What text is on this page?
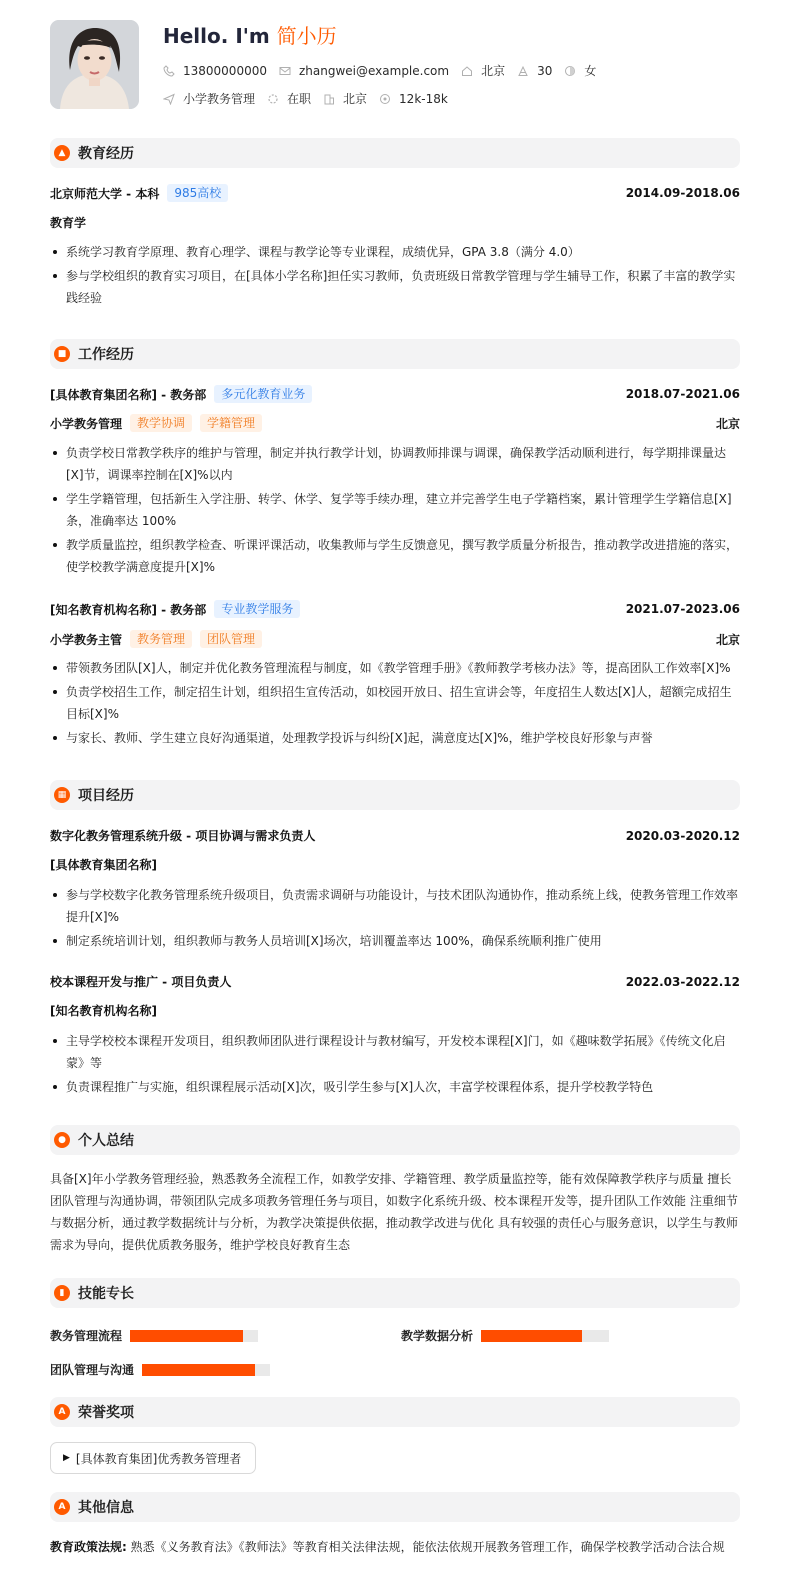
Hello. I'm 简小历
13800000000	zhangwei@example.com	北京	30	女
小学教务管理	在职	北京	12k-18k
▲ 教育经历
北京师范大学 - 本科	985高校	2014.09-2018.06
教育学
系统学习教育学原理、教育心理学、课程与教学论等专业课程，成绩优异，GPA 3.8（满分 4.0）
参与学校组织的教育实习项目，在[具体小学名称]担任实习教师，负责班级日常教学管理与学生辅导工作，积累了丰富的教学实践经验
■ 工作经历
[具体教育集团名称] - 教务部	多元化教育业务	2018.07-2021.06
小学教务管理	教学协调	学籍管理	北京
负责学校日常教学秩序的维护与管理，制定并执行教学计划，协调教师排课与调课，确保教学活动顺利进行，每学期排课量达[X]节，调课率控制在[X]%以内
学生学籍管理，包括新生入学注册、转学、休学、复学等手续办理，建立并完善学生电子学籍档案，累计管理学生学籍信息[X]条，准确率达 100%
教学质量监控，组织教学检查、听课评课活动，收集教师与学生反馈意见，撰写教学质量分析报告，推动教学改进措施的落实，使学校教学满意度提升[X]%
[知名教育机构名称] - 教务部	专业教学服务	2021.07-2023.06
小学教务主管	教务管理	团队管理	北京
带领教务团队[X]人，制定并优化教务管理流程与制度，如《教学管理手册》《教师教学考核办法》等，提高团队工作效率[X]%
负责学校招生工作，制定招生计划，组织招生宣传活动，如校园开放日、招生宣讲会等，年度招生人数达[X]人，超额完成招生目标[X]%
与家长、教师、学生建立良好沟通渠道，处理教学投诉与纠纷[X]起，满意度达[X]%，维护学校良好形象与声誉
▦ 项目经历
数字化教务管理系统升级 - 项目协调与需求负责人	2020.03-2020.12
[具体教育集团名称]
参与学校数字化教务管理系统升级项目，负责需求调研与功能设计，与技术团队沟通协作，推动系统上线，使教务管理工作效率提升[X]%
制定系统培训计划，组织教师与教务人员培训[X]场次，培训覆盖率达 100%，确保系统顺利推广使用
校本课程开发与推广 - 项目负责人	2022.03-2022.12
[知名教育机构名称]
主导学校校本课程开发项目，组织教师团队进行课程设计与教材编写，开发校本课程[X]门，如《趣味数学拓展》《传统文化启蒙》等
负责课程推广与实施，组织课程展示活动[X]次，吸引学生参与[X]人次，丰富学校课程体系，提升学校教学特色
● 个人总结
具备[X]年小学教务管理经验，熟悉教务全流程工作，如教学安排、学籍管理、教学质量监控等，能有效保障教学秩序与质量 擅长团队管理与沟通协调，带领团队完成多项教务管理任务与项目，如数字化系统升级、校本课程开发等，提升团队工作效能 注重细节与数据分析，通过教学数据统计与分析，为教学决策提供依据，推动教学改进与优化 具有较强的责任心与服务意识，以学生与教师需求为导向，提供优质教务服务，维护学校良好教育生态
▮ 技能专长
教务管理流程	教学数据分析
团队管理与沟通
A 荣誉奖项
▶ [具体教育集团]优秀教务管理者
A 其他信息
教育政策法规: 熟悉《义务教育法》《教师法》等教育相关法律法规，能依法依规开展教务管理工作，确保学校教学活动合法合规
